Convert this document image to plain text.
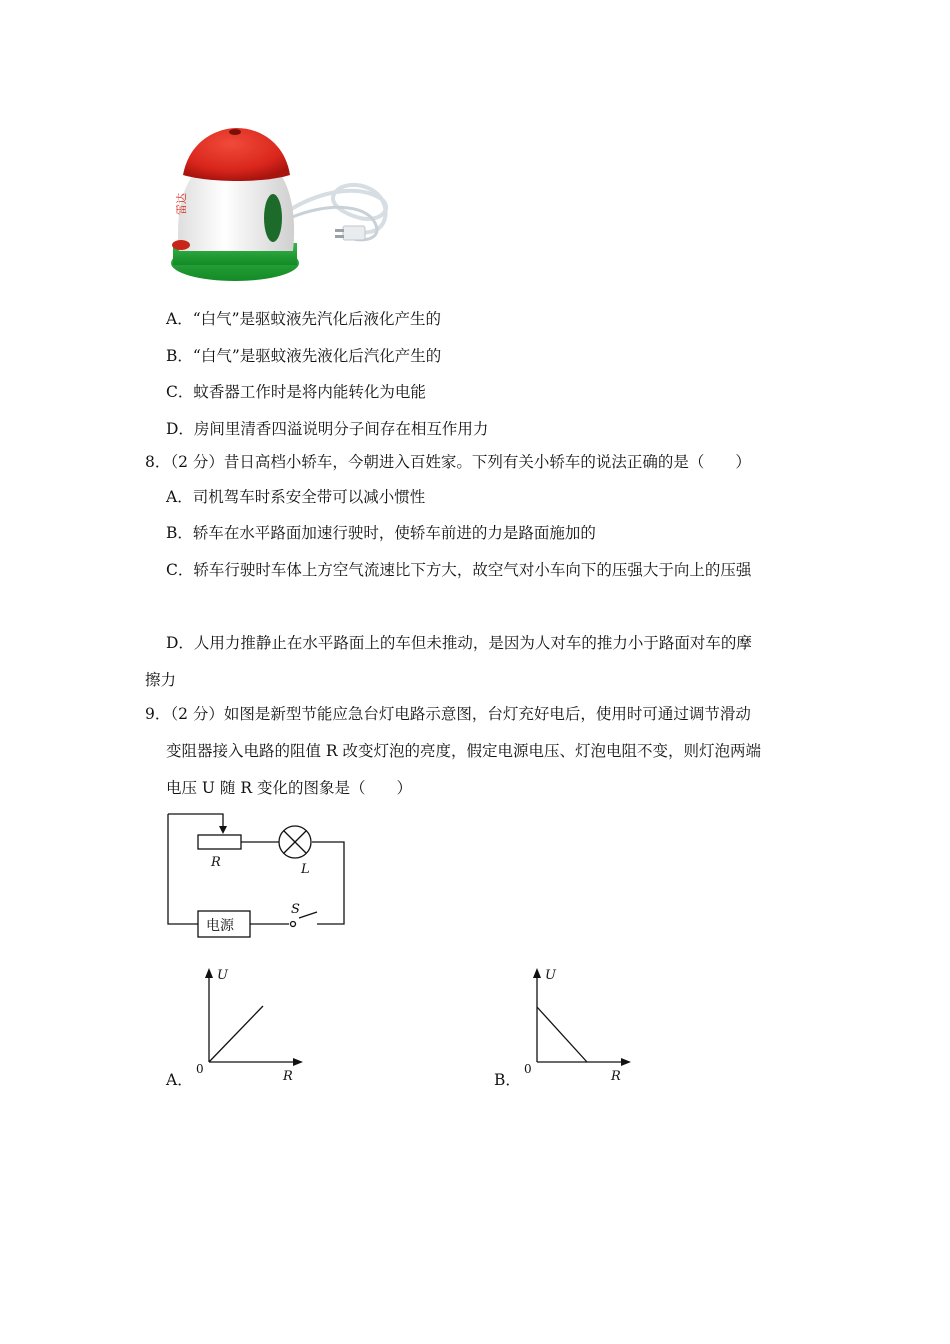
雷达
A．“白气”是驱蚊液先汽化后液化产生的
B．“白气”是驱蚊液先液化后汽化产生的
C．蚊香器工作时是将内能转化为电能
D．房间里清香四溢说明分子间存在相互作用力
8．（2 分）昔日高档小轿车，今朝进入百姓家。下列有关小轿车的说法正确的是（　　）
A．司机驾车时系安全带可以减小惯性
B．轿车在水平路面加速行驶时，使轿车前进的力是路面施加的
C．轿车行驶时车体上方空气流速比下方大，故空气对小车向下的压强大于向上的压强
D．人用力推静止在水平路面上的车但未推动，是因为人对车的推力小于路面对车的摩
擦力
9．（2 分）如图是新型节能应急台灯电路示意图，台灯充好电后，使用时可通过调节滑动
变阻器接入电路的阻值 R 改变灯泡的亮度，假定电源电压、灯泡电阻不变，则灯泡两端
电压 U 随 R 变化的图象是（　　）
R	L
S
电源
A．
U
R
0
B．
U
R
0
